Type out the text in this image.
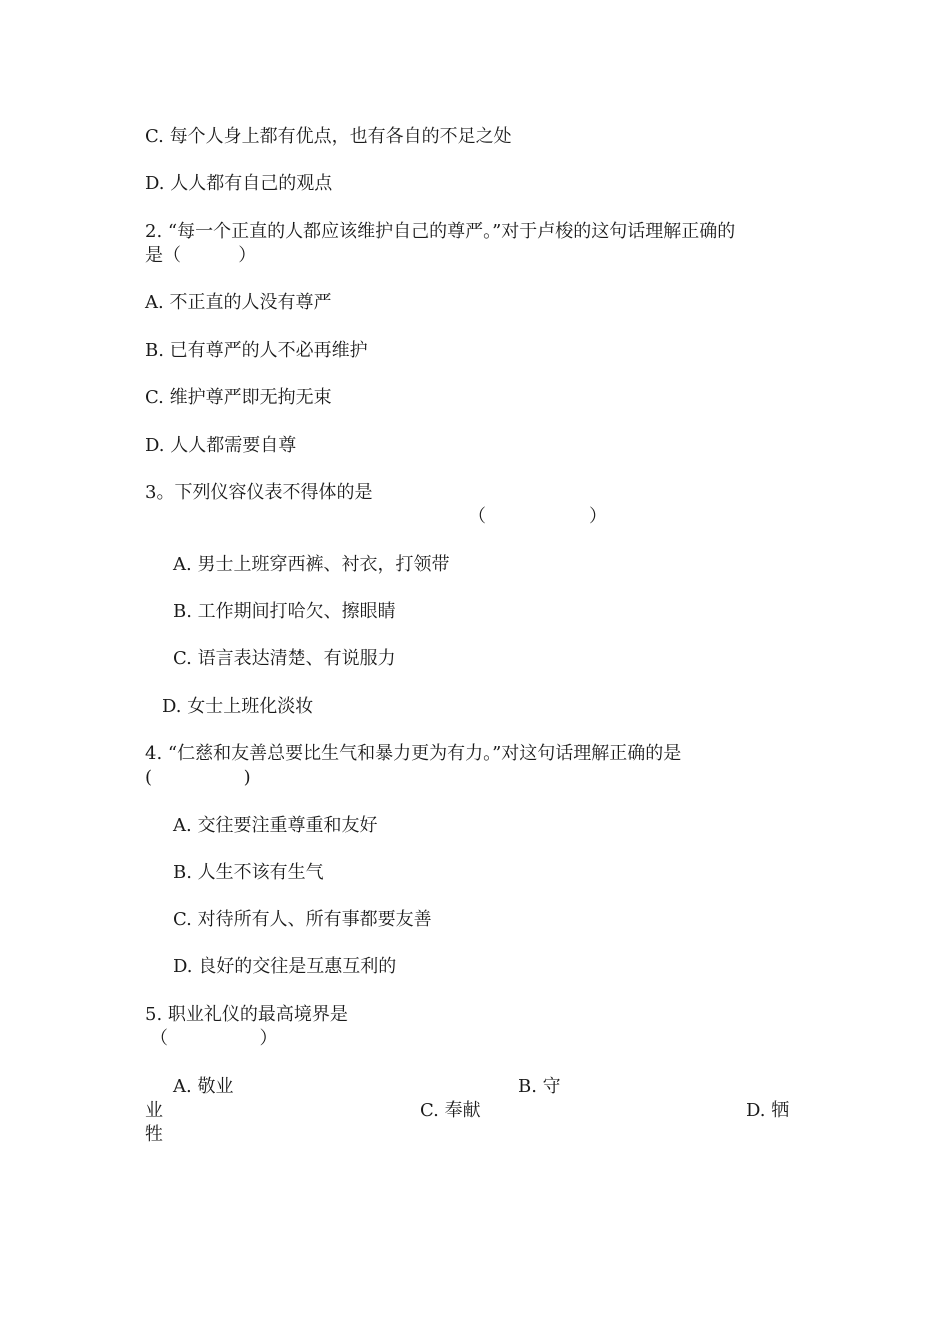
C. 每个人身上都有优点，也有各自的不足之处
D. 人人都有自己的观点
2. “每一个正直的人都应该维护自己的尊严。”对于卢梭的这句话理解正确的
是（          ）
A. 不正直的人没有尊严
B. 已有尊严的人不必再维护
C. 维护尊严即无拘无束
D. 人人都需要自尊
3。下列仪容仪表不得体的是
（                  ）
A. 男士上班穿西裤、衬衣，打领带
B. 工作期间打哈欠、擦眼睛
C. 语言表达清楚、有说服力
D. 女士上班化淡妆
4. “仁慈和友善总要比生气和暴力更为有力。”对这句话理解正确的是
(                )
A. 交往要注重尊重和友好
B. 人生不该有生气
C. 对待所有人、所有事都要友善
D. 良好的交往是互惠互利的
5. 职业礼仪的最高境界是
（                ）
A. 敬业	B. 守
业	C. 奉献	D. 牺
牲
